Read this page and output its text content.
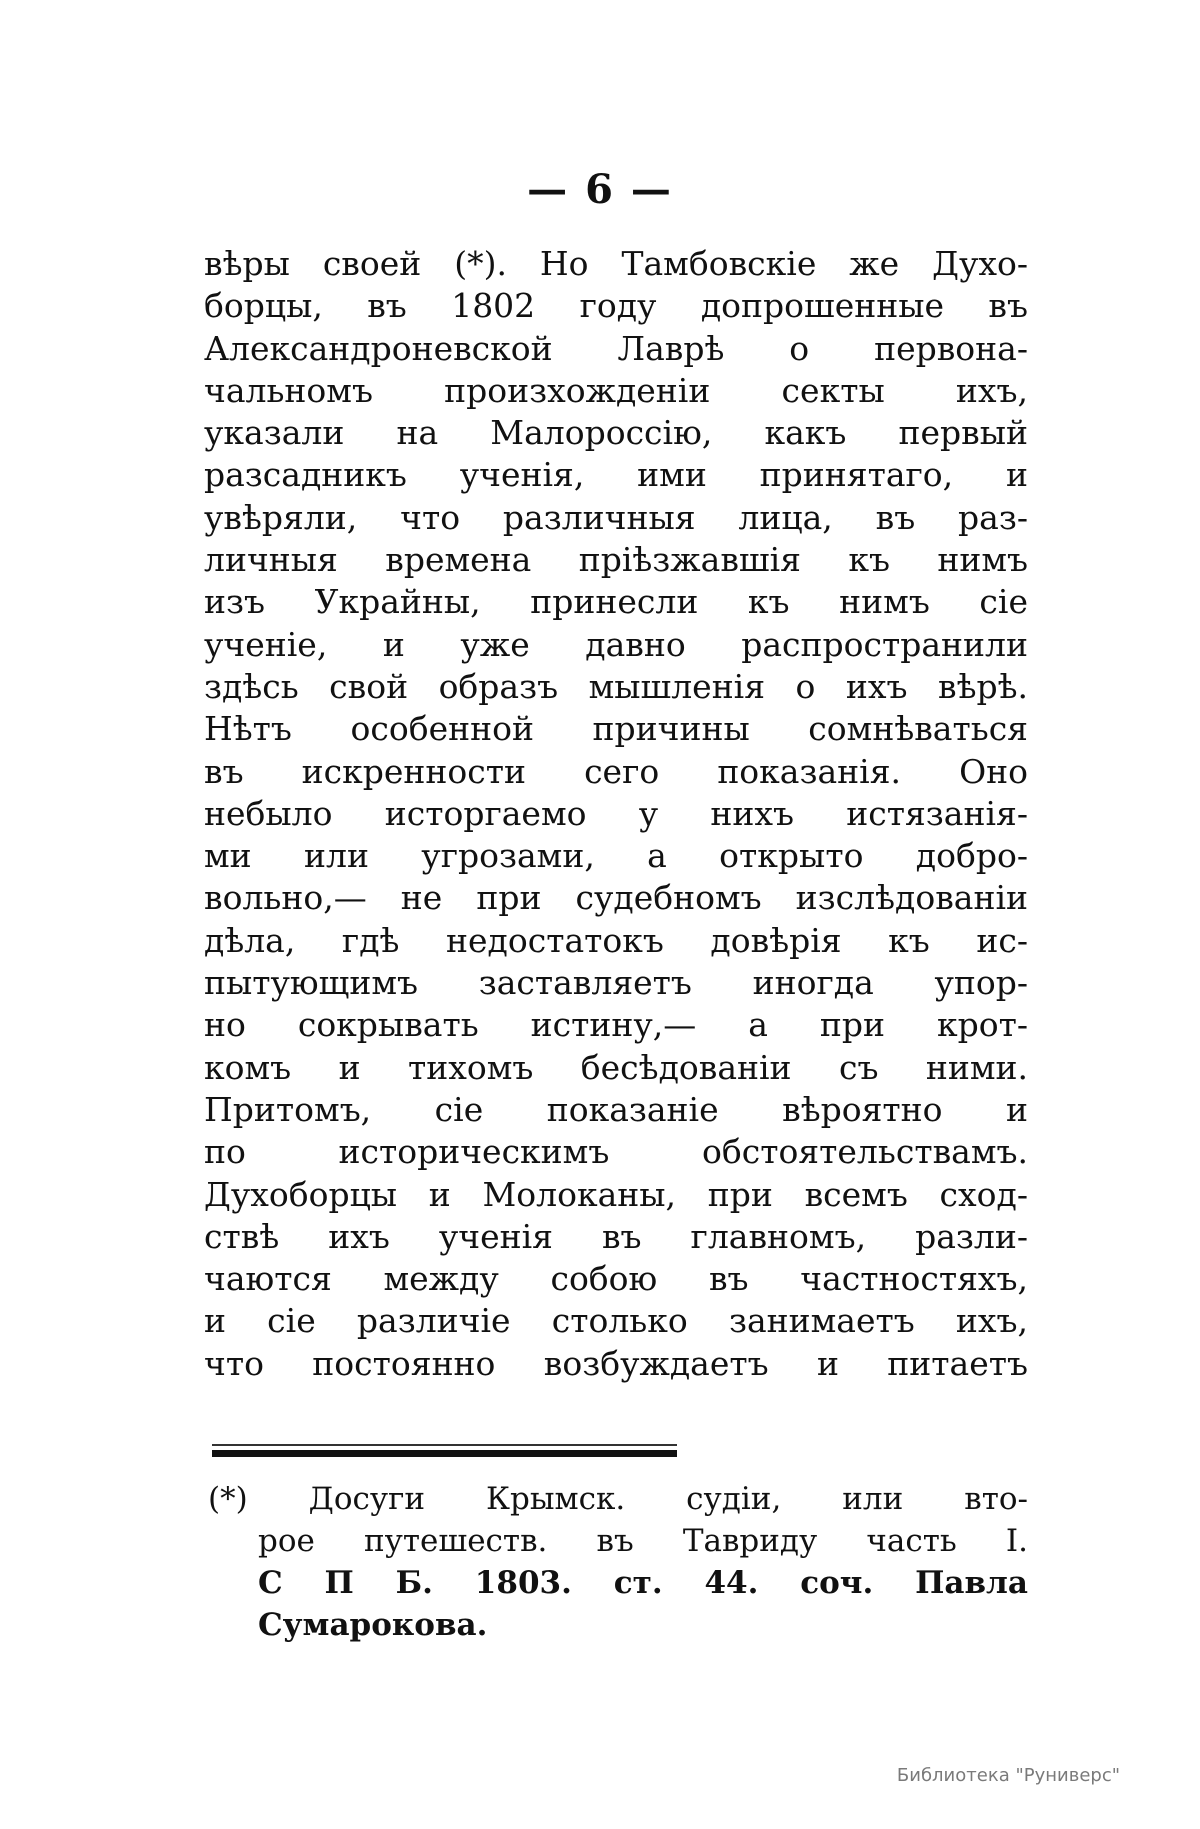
— 6 —
вѣры своей (*). Но Тамбовскіе же Духо-
борцы, въ 1802 году допрошенные въ
Александроневской Лаврѣ о первона-
чальномъ произхожденіи секты ихъ,
указали на Малороссію, какъ первый
разсадникъ ученія, ими принятаго, и
увѣряли, что различныя лица, въ раз-
личныя времена пріѣзжавшія къ нимъ
изъ Украйны, принесли къ нимъ сіе
ученіе, и уже давно распространили
здѣсь свой образъ мышленія о ихъ вѣрѣ.
Нѣтъ особенной причины сомнѣваться
въ искренности сего показанія. Оно
небыло исторгаемо у нихъ истязанія-
ми или угрозами, а открыто добро-
вольно,— не при судебномъ изслѣдованіи
дѣла, гдѣ недостатокъ довѣрія къ ис-
пытующимъ заставляетъ иногда упор-
но сокрывать истину,— а при крот-
комъ и тихомъ бесѣдованіи съ ними.
Притомъ, сіе показаніе вѣроятно и
по историческимъ обстоятельствамъ.
Духоборцы и Молоканы, при всемъ сход-
ствѣ ихъ ученія въ главномъ, разли-
чаются между собою въ частностяхъ,
и сіе различіе столько занимаетъ ихъ,
что постоянно возбуждаетъ и питаетъ
(*) Досуги Крымск. судіи, или вто-
рое путешеств. въ Тавриду часть I.
С П Б. 1803. ст. 44. соч. Павла
Сумарокова.
Библиотека "Руниверс"
